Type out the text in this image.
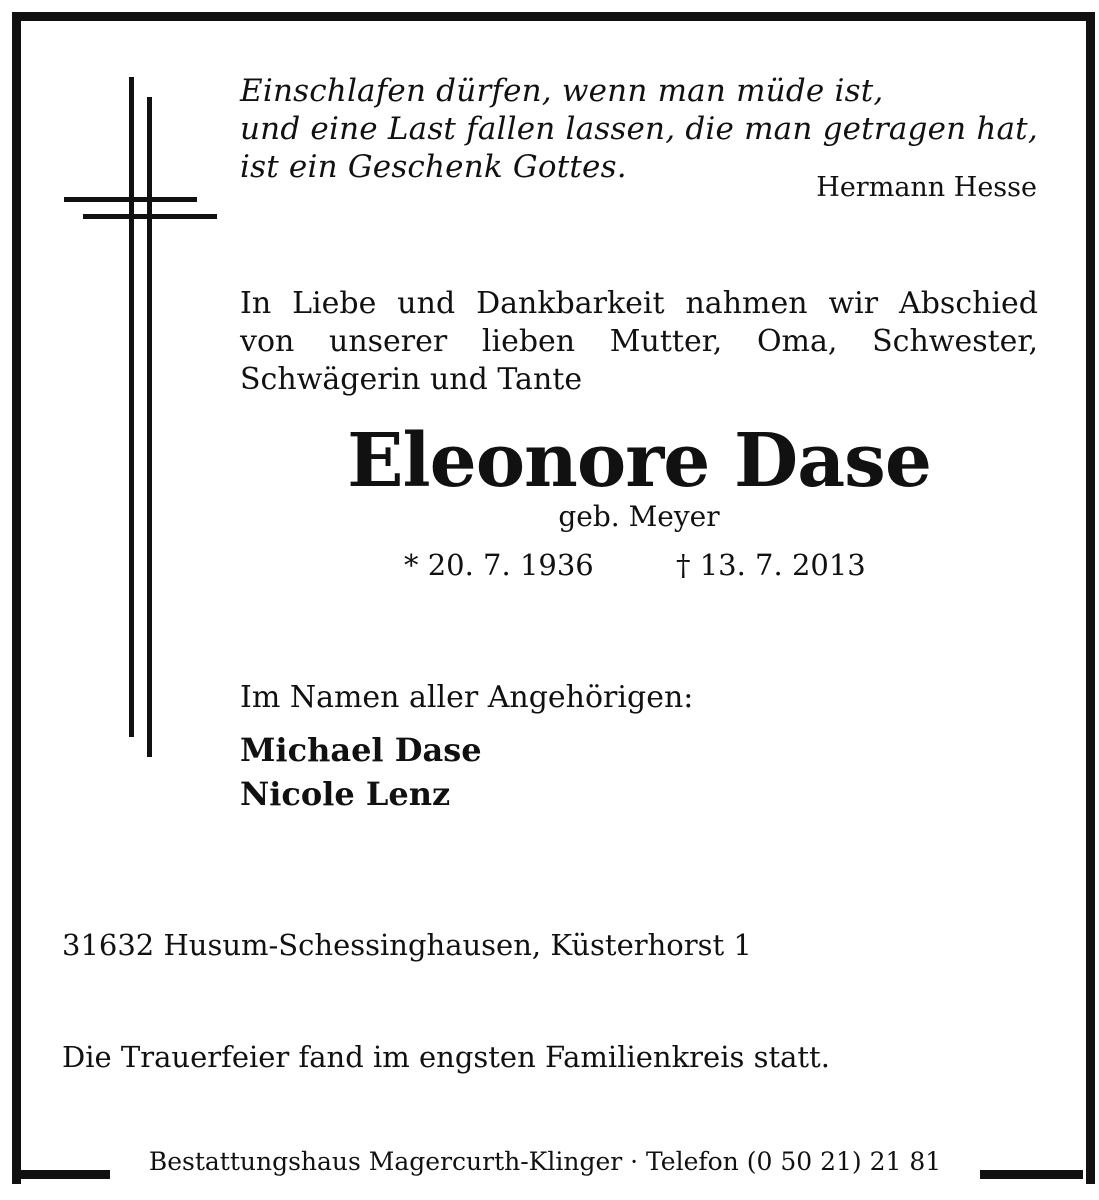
Einschlafen dürfen, wenn man müde ist,
und eine Last fallen lassen, die man getragen hat,
ist ein Geschenk Gottes.
Hermann Hesse
In Liebe und Dankbarkeit nahmen wir Abschied
von unserer lieben Mutter, Oma, Schwester,
Schwägerin und Tante
Eleonore Dase
geb. Meyer
* 20. 7. 1936	† 13. 7. 2013
Im Namen aller Angehörigen:
Michael Dase
Nicole Lenz
31632 Husum-Schessinghausen, Küsterhorst 1
Die Trauerfeier fand im engsten Familienkreis statt.
Bestattungshaus Magercurth-Klinger · Telefon (0 50 21) 21 81
